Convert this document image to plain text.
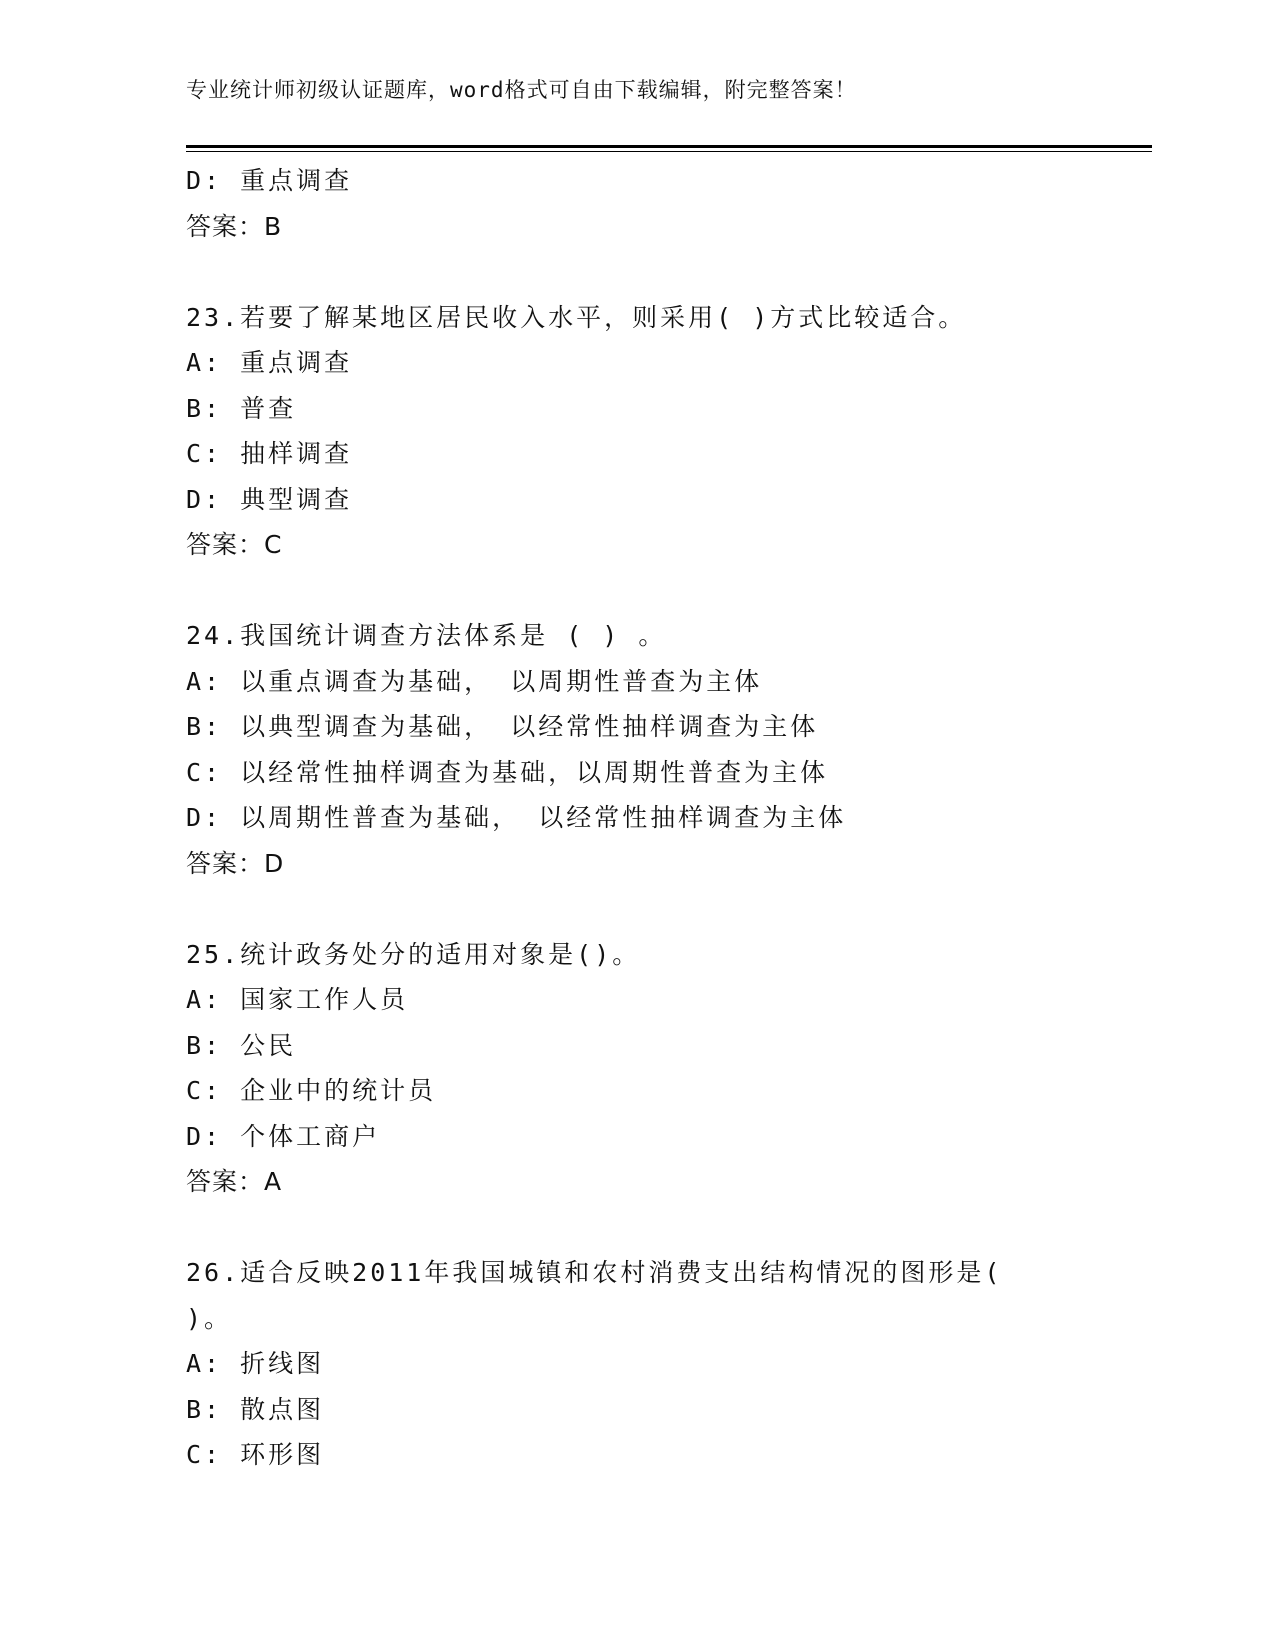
专业统计师初级认证题库，word格式可自由下载编辑，附完整答案！
D: 重点调查
答案：B
23.若要了解某地区居民收入水平，则采用( )方式比较适合。
A: 重点调查
B: 普查
C: 抽样调查
D: 典型调查
答案：C
24.我国统计调查方法体系是 ( ) 。
A: 以重点调查为基础， 以周期性普查为主体
B: 以典型调查为基础， 以经常性抽样调查为主体
C: 以经常性抽样调查为基础，以周期性普查为主体
D: 以周期性普查为基础， 以经常性抽样调查为主体
答案：D
25.统计政务处分的适用对象是()。
A: 国家工作人员
B: 公民
C: 企业中的统计员
D: 个体工商户
答案：A
26.适合反映2011年我国城镇和农村消费支出结构情况的图形是(
)。
A: 折线图
B: 散点图
C: 环形图
